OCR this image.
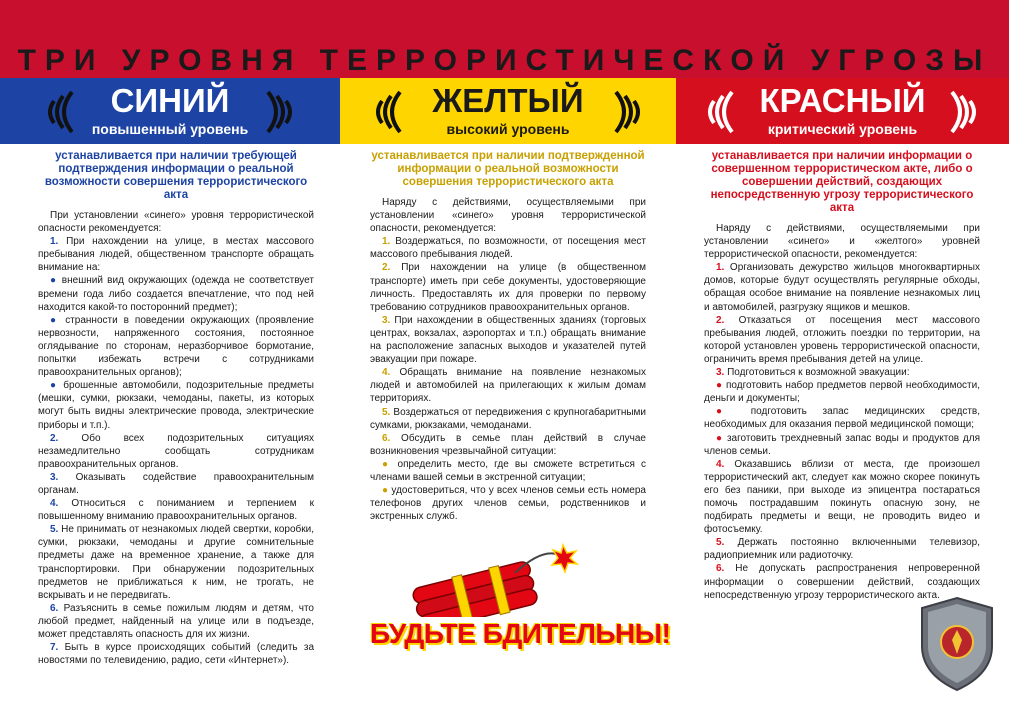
ТРИ УРОВНЯ ТЕРРОРИСТИЧЕСКОЙ УГРОЗЫ
СИНИЙ
повышенный уровень
ЖЕЛТЫЙ
высокий уровень
КРАСНЫЙ
критический уровень

устанавливается при наличии требующей подтверждения информации о реальной возможности совершения террористического акта

При установлении «синего» уровня террористической опасности рекомендуется:

1. При нахождении на улице, в местах массового пребывания людей, общественном транспорте обращать внимание на:

● внешний вид окружающих (одежда не соответствует времени года либо создается впечатление, что под ней находится какой-то посторонний предмет);

● странности в поведении окружающих (проявление нервозности, напряженного состояния, постоянное оглядывание по сторонам, неразборчивое бормотание, попытки избежать встречи с сотрудниками правоохранительных органов);

● брошенные автомобили, подозрительные предметы (мешки, сумки, рюкзаки, чемоданы, пакеты, из которых могут быть видны электрические провода, электрические приборы и т.п.).

2. Обо всех подозрительных ситуациях незамедлительно сообщать сотрудникам правоохранительных органов.

3. Оказывать содействие правоохранительным органам.

4. Относиться с пониманием и терпением к повышенному вниманию правоохранительных органов.

5. Не принимать от незнакомых людей свертки, коробки, сумки, рюкзаки, чемоданы и другие сомнительные предметы даже на временное хранение, а также для транспортировки. При обнаружении подозрительных предметов не приближаться к ним, не трогать, не вскрывать и не передвигать.

6. Разъяснить в семье пожилым людям и детям, что любой предмет, найденный на улице или в подъезде, может представлять опасность для их жизни.

7. Быть в курсе происходящих событий (следить за новостями по телевидению, радио, сети «Интернет»).

устанавливается при наличии подтвержденной информации о реальной возможности совершения террористического акта

Наряду с действиями, осуществляемыми при установлении «синего» уровня террористической опасности, рекомендуется:

1. Воздержаться, по возможности, от посещения мест массового пребывания людей.

2. При нахождении на улице (в общественном транспорте) иметь при себе документы, удостоверяющие личность. Предоставлять их для проверки по первому требованию сотрудников правоохранительных органов.

3. При нахождении в общественных зданиях (торговых центрах, вокзалах, аэропортах и т.п.) обращать внимание на расположение запасных выходов и указателей путей эвакуации при пожаре.

4. Обращать внимание на появление незнакомых людей и автомобилей на прилегающих к жилым домам территориях.

5. Воздержаться от передвижения с крупногабаритными сумками, рюкзаками, чемоданами.

6. Обсудить в семье план действий в случае возникновения чрезвычайной ситуации:

● определить место, где вы сможете встретиться с членами вашей семьи в экстренной ситуации;

● удостовериться, что у всех членов семьи есть номера телефонов других членов семьи, родственников и экстренных служб.

устанавливается при наличии информации о совершенном террористическом акте, либо о совершении действий, создающих непосредственную угрозу террористического акта

Наряду с действиями, осуществляемыми при установлении «синего» и «желтого» уровней террористической опасности, рекомендуется:

1. Организовать дежурство жильцов многоквартирных домов, которые будут осуществлять регулярные обходы, обращая особое внимание на появление незнакомых лиц и автомобилей, разгрузку ящиков и мешков.

2. Отказаться от посещения мест массового пребывания людей, отложить поездки по территории, на которой установлен уровень террористической опасности, ограничить время пребывания детей на улице.

3. Подготовиться к возможной эвакуации:

● подготовить набор предметов первой необходимости, деньги и документы;

● подготовить запас медицинских средств, необходимых для оказания первой медицинской помощи;

● заготовить трехдневный запас воды и продуктов для членов семьи.

4. Оказавшись вблизи от места, где произошел террористический акт, следует как можно скорее покинуть его без паники, при выходе из эпицентра постараться помочь пострадавшим покинуть опасную зону, не подбирать предметы и вещи, не проводить видео и фотосъемку.

5. Держать постоянно включенными телевизор, радиоприемник или радиоточку.

6. Не допускать распространения непроверенной информации о совершении действий, создающих непосредственную угрозу террористического акта.

БУДЬТЕ БДИТЕЛЬНЫ!
